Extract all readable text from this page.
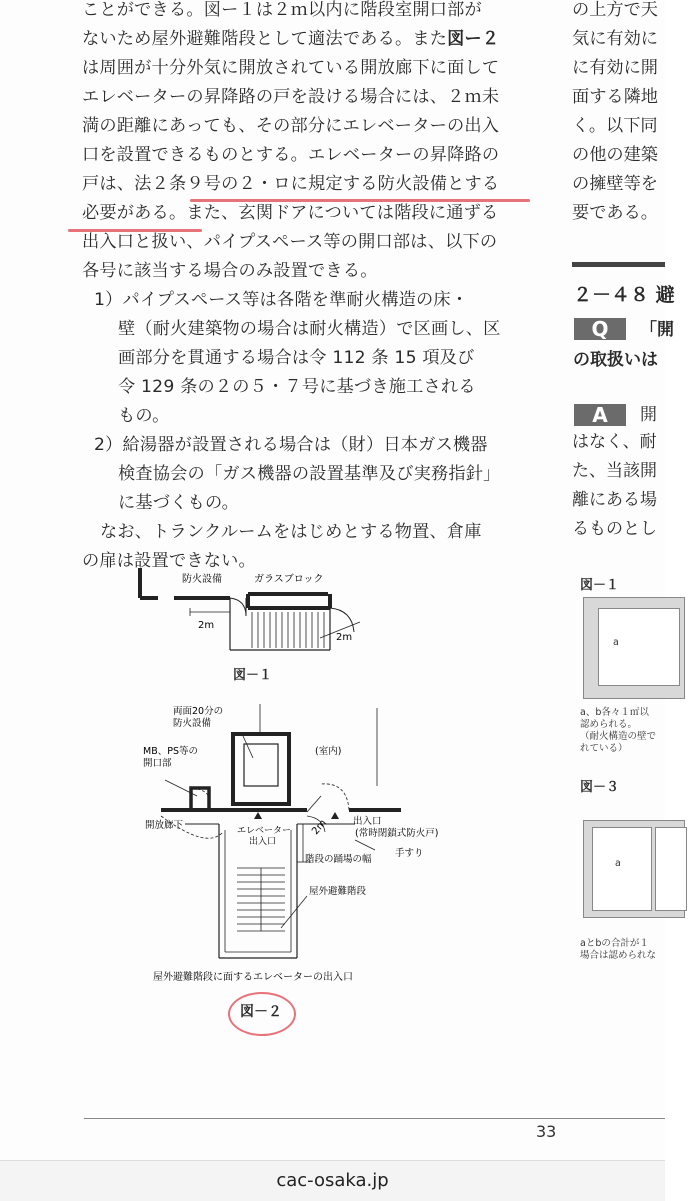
ことができる。図ー１は２ｍ以内に階段室開口部が

ないため屋外避難階段として適法である。また図ー２

は周囲が十分外気に開放されている開放廊下に面して

エレベーターの昇降路の戸を設ける場合には、２ｍ未

満の距離にあっても、その部分にエレベーターの出入

口を設置できるものとする。エレベーターの昇降路の

戸は、法２条９号の２・ロに規定する防火設備とする

必要がある。また、玄関ドアについては階段に通ずる

出入口と扱い、パイプスペース等の開口部は、以下の

各号に該当する場合のみ設置できる。

1）パイプスペース等は各階を準耐火構造の床・
壁（耐火建築物の場合は耐火構造）で区画し、区
画部分を貫通する場合は令 112 条 15 項及び
令 129 条の２の５・７号に基づき施工される
もの。

2）給湯器が設置される場合は（財）日本ガス機器
検査協会の「ガス機器の設置基準及び実務指針」
に基づくもの。

なお、トランクルームをはじめとする物置、倉庫

の扉は設置できない。

の上方で天
気に有効に
に有効に開
面する隣地
く。以下同
の他の建築
の擁壁等を
要である。
２－４８ 避
Q	「開
の取扱いは
A	開
はなく、耐
た、当該開
離にある場
るものとし
図－１
a
a、b各々１㎡以
認められる。
（耐火構造の壁で
れている）
図－３
a
aとbの合計が１
場合は認められな
防火設備	ガラスブロック
2m
2m
図－１
両面20分の
防火設備
MB、PS等の
開口部
(室内)
開放廊下	エレベーター
出入口
2m	出入口
(常時閉鎖式防火戸)
階段の踊場の幅
手すり
屋外避難階段
屋外避難階段に面するエレベーターの出入口
図－２
33
cac-osaka.jp
